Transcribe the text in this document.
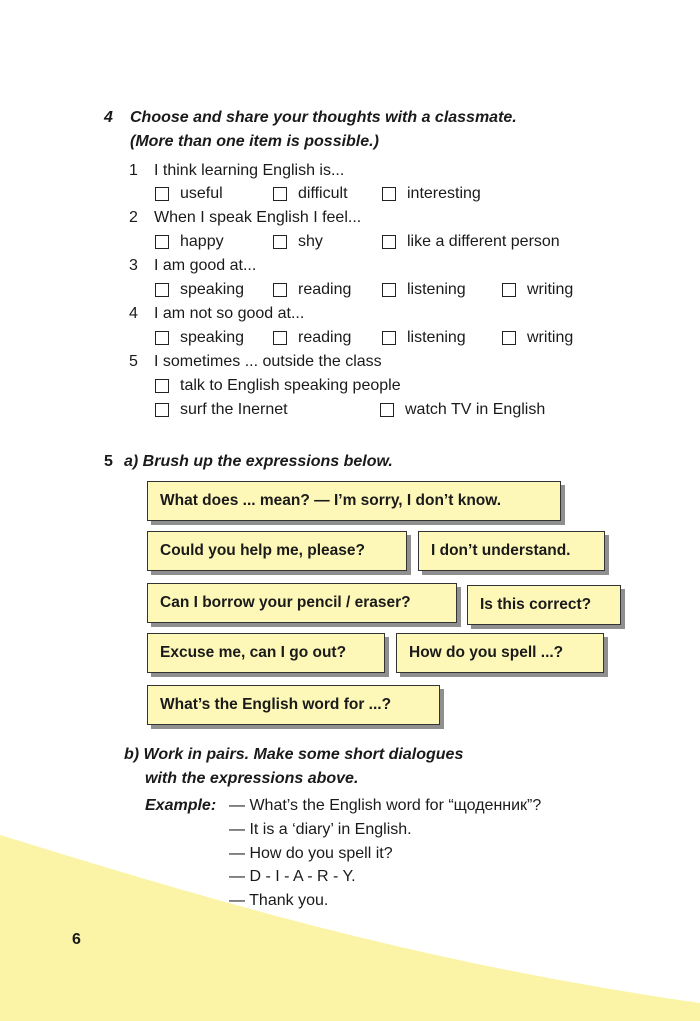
4 Choose and share your thoughts with a classmate.
(More than one item is possible.)
1 I think learning English is...
useful	difficult	interesting
2 When I speak English I feel...
happy	shy	like a different person
3 I am good at...
speaking	reading	listening	writing
4 I am not so good at...
speaking	reading	listening	writing
5 I sometimes ... outside the class
talk to English speaking people
surf the Inernet	watch TV in English
5 a) Brush up the expressions below.
What does ... mean? — I’m sorry, I don’t know.
Could you help me, please?	I don’t understand.
Can I borrow your pencil / eraser?	Is this correct?
Excuse me, can I go out?	How do you spell ...?
What’s the English word for ...?
b) Work in pairs. Make some short dialogues
with the expressions above.
Example: — What’s the English word for “щоденник”?
— It is a ‘diary’ in English.
— How do you spell it?
— D - I - A - R - Y.
— Thank you.
6
